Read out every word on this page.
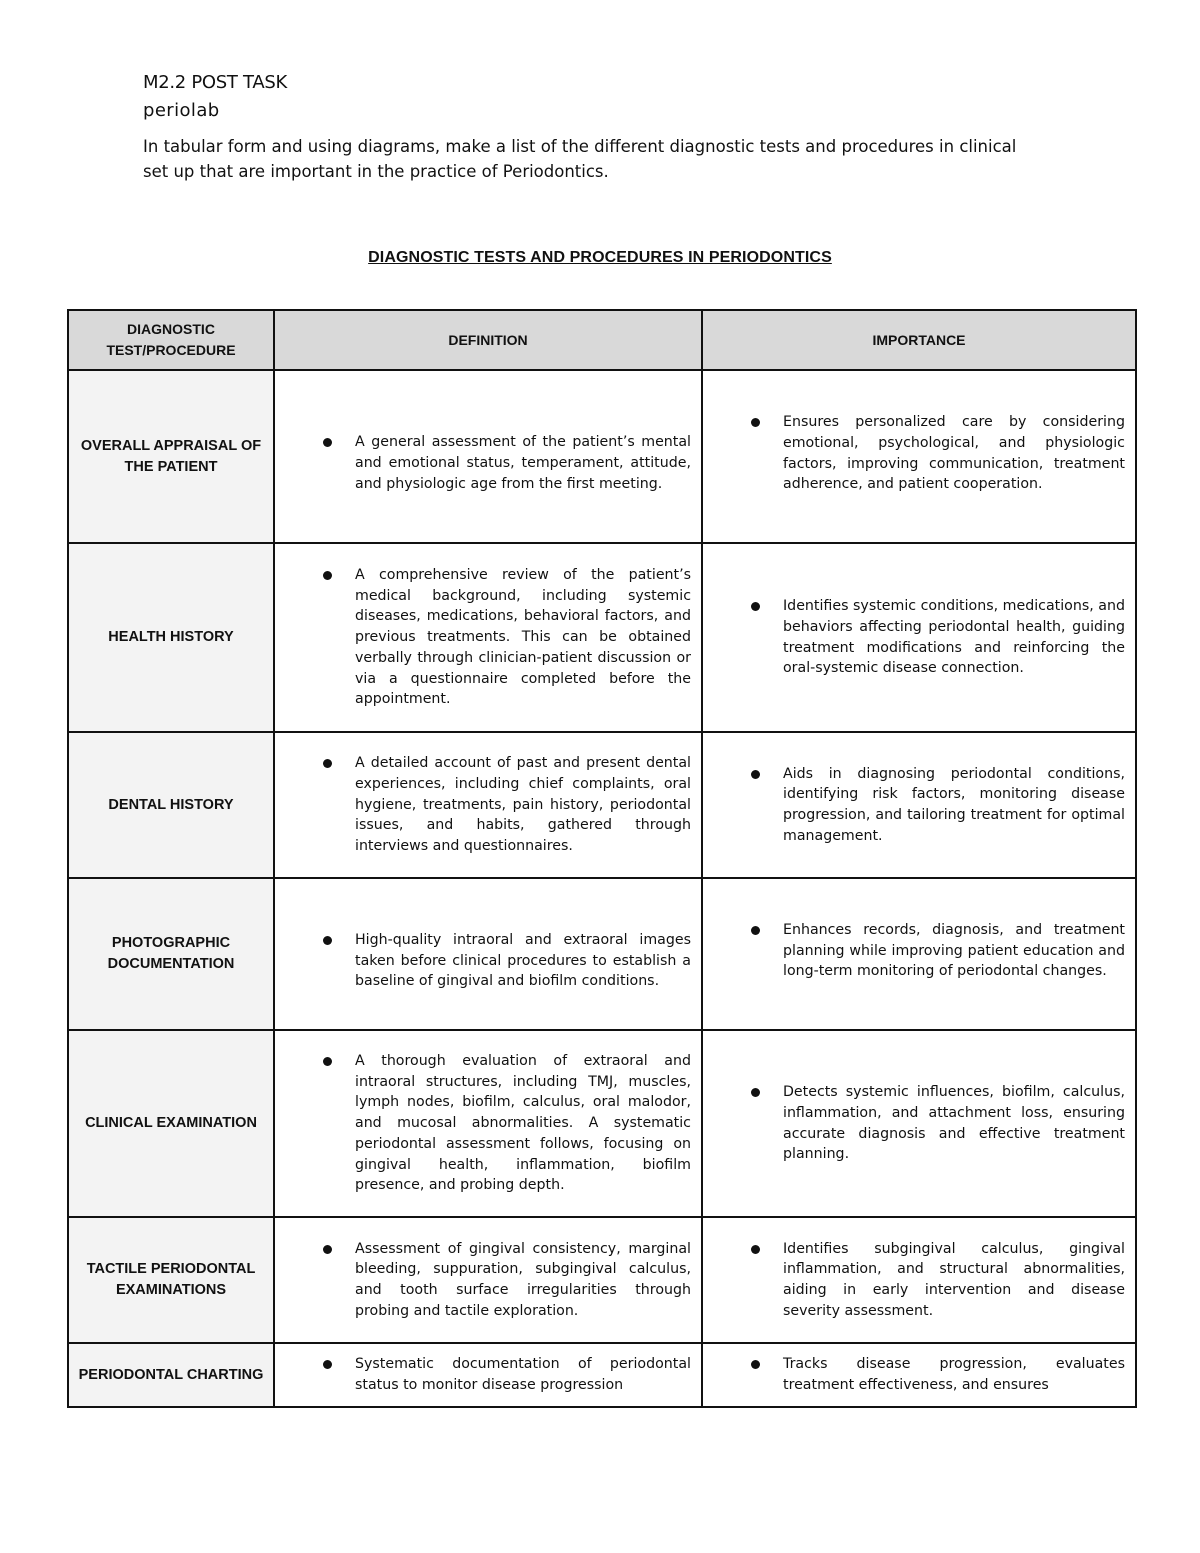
M2.2 POST TASK
periolab
In tabular form and using diagrams, make a list of the different diagnostic tests and procedures in clinical set up that are important in the practice of Periodontics.
DIAGNOSTIC TESTS AND PROCEDURES IN PERIODONTICS
DIAGNOSTIC TEST/PROCEDURE	DEFINITION	IMPORTANCE
OVERALL APPRAISAL OF THE PATIENT	A general assessment of the patient’s mental and emotional status, temperament, attitude, and physiologic age from the first meeting.	Ensures personalized care by considering emotional, psychological, and physiologic factors, improving communication, treatment adherence, and patient cooperation.

HEALTH HISTORY	A comprehensive review of the patient’s medical background, including systemic diseases, medications, behavioral factors, and previous treatments. This can be obtained verbally through clinician-patient discussion or via a questionnaire completed before the appointment.	Identifies systemic conditions, medications, and behaviors affecting periodontal health, guiding treatment modifications and reinforcing the oral-systemic disease connection.

DENTAL HISTORY	A detailed account of past and present dental experiences, including chief complaints, oral hygiene, treatments, pain history, periodontal issues, and habits, gathered through interviews and questionnaires.	Aids in diagnosing periodontal conditions, identifying risk factors, monitoring disease progression, and tailoring treatment for optimal management.

PHOTOGRAPHIC DOCUMENTATION	High-quality intraoral and extraoral images taken before clinical procedures to establish a baseline of gingival and biofilm conditions.	Enhances records, diagnosis, and treatment planning while improving patient education and long-term monitoring of periodontal changes.

CLINICAL EXAMINATION	A thorough evaluation of extraoral and intraoral structures, including TMJ, muscles, lymph nodes, biofilm, calculus, oral malodor, and mucosal abnormalities. A systematic periodontal assessment follows, focusing on gingival health, inflammation, biofilm presence, and probing depth.	Detects systemic influences, biofilm, calculus, inflammation, and attachment loss, ensuring accurate diagnosis and effective treatment planning.

TACTILE PERIODONTAL EXAMINATIONS	Assessment of gingival consistency, marginal bleeding, suppuration, subgingival calculus, and tooth surface irregularities through probing and tactile exploration.	Identifies subgingival calculus, gingival inflammation, and structural abnormalities, aiding in early intervention and disease severity assessment.

PERIODONTAL CHARTING	Systematic documentation of periodontal status to monitor disease progression	Tracks disease progression, evaluates treatment effectiveness, and ensures
